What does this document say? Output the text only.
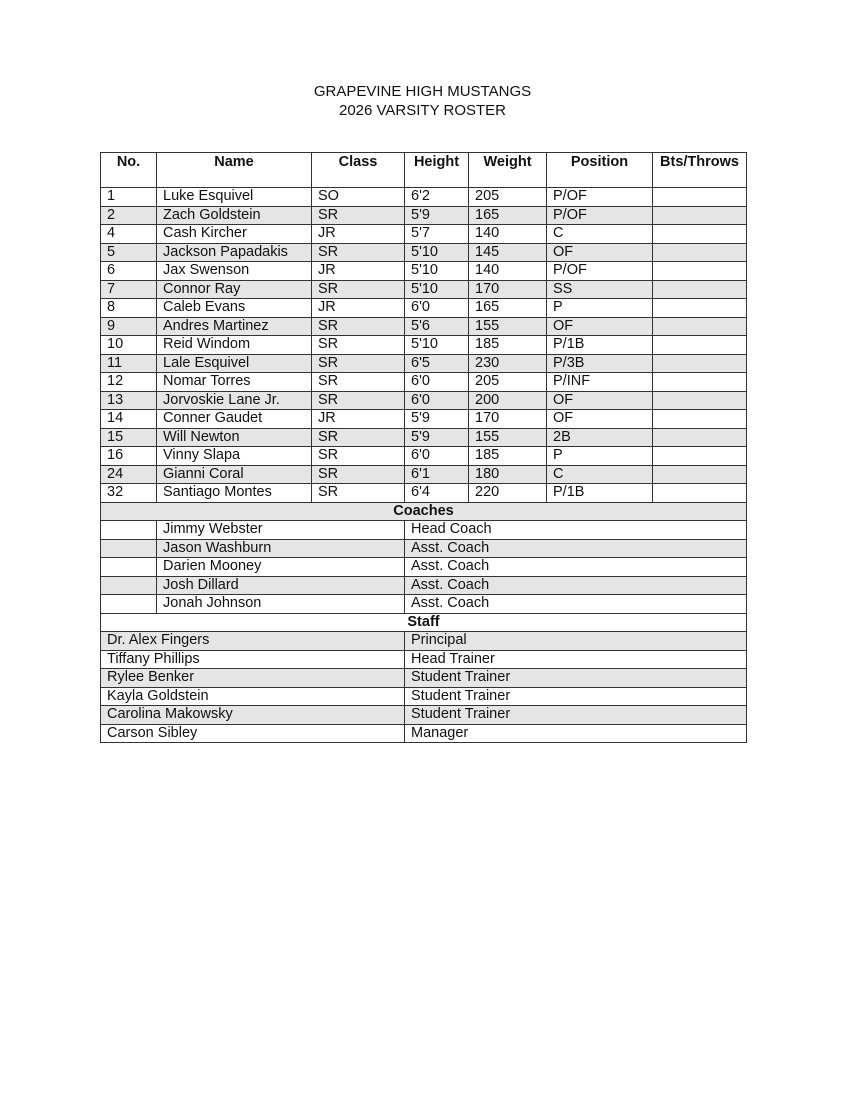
GRAPEVINE HIGH MUSTANGS
2026 VARSITY ROSTER
No.	Name	Class	Height	Weight	Position	Bts/Throws

1	Luke Esquivel	SO	6'2	205	P/OF	
2	Zach Goldstein	SR	5'9	165	P/OF	
4	Cash Kircher	JR	5'7	140	C	
5	Jackson Papadakis	SR	5'10	145	OF	
6	Jax Swenson	JR	5'10	140	P/OF	
7	Connor Ray	SR	5'10	170	SS	
8	Caleb Evans	JR	6'0	165	P	
9	Andres Martinez	SR	5'6	155	OF	
10	Reid Windom	SR	5'10	185	P/1B	
11	Lale Esquivel	SR	6'5	230	P/3B	
12	Nomar Torres	SR	6'0	205	P/INF	
13	Jorvoskie Lane Jr.	SR	6'0	200	OF	
14	Conner Gaudet	JR	5'9	170	OF	
15	Will Newton	SR	5'9	155	2B	
16	Vinny Slapa	SR	6'0	185	P	
24	Gianni Coral	SR	6'1	180	C	
32	Santiago Montes	SR	6'4	220	P/1B	
Coaches						
	Jimmy Webster		Head Coach			
	Jason Washburn		Asst. Coach			
	Darien Mooney		Asst. Coach			
	Josh Dillard		Asst. Coach			
	Jonah Johnson		Asst. Coach			
Staff						
Dr. Alex Fingers			Principal			
Tiffany Phillips			Head Trainer			
Rylee Benker			Student Trainer			
Kayla Goldstein			Student Trainer			
Carolina Makowsky			Student Trainer			
Carson Sibley			Manager			
